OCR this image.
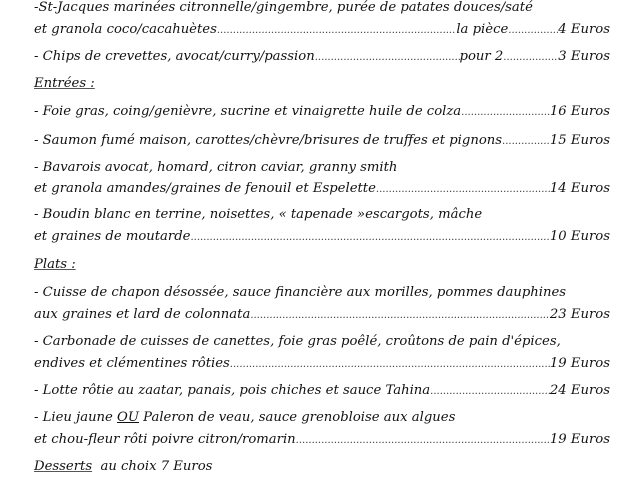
-St-Jacques marinées citronnelle/gingembre, purée de patates douces/saté
et granola coco/cacahuètes .....	la pièce .....	4 Euros
- Chips de crevettes, avocat/curry/passion .....	pour 2 .....	3 Euros
Entrées :
- Foie gras, coing/genièvre, sucrine et vinaigrette huile de colza .....	16 Euros
- Saumon fumé maison, carottes/chèvre/brisures de truffes et pignons .....	15 Euros
- Bavarois avocat, homard, citron caviar, granny smith
et granola amandes/graines de fenouil et Espelette .....	14 Euros
- Boudin blanc en terrine, noisettes, « tapenade »escargots, mâche
et graines de moutarde .....	10 Euros
Plats :
- Cuisse de chapon désossée, sauce financière aux morilles, pommes dauphines
aux graines et lard de colonnata .....	23 Euros
- Carbonade de cuisses de canettes, foie gras poêlé, croûtons de pain d'épices,
endives et clémentines rôties .....	19 Euros
- Lotte rôtie au zaatar, panais, pois chiches et sauce Tahina .....	24 Euros
- Lieu jaune OU Paleron de veau, sauce grenobloise aux algues
et chou-fleur rôti poivre citron/romarin .....	19 Euros
Desserts au choix 7 Euros
